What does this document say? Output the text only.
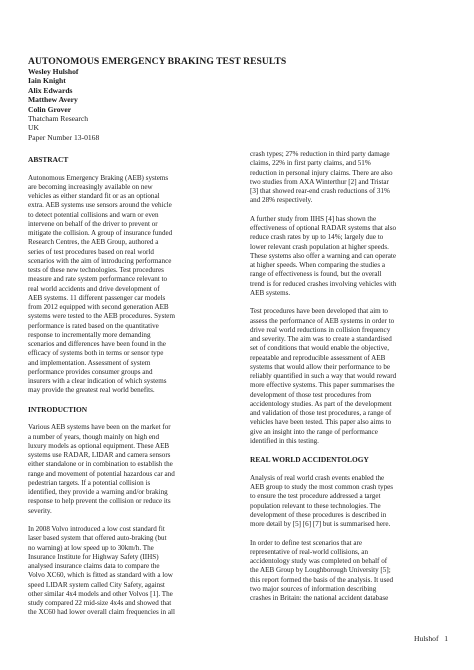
AUTONOMOUS EMERGENCY BRAKING TEST RESULTS
Wesley Hulshof
Iain Knight
Alix Edwards
Matthew Avery
Colin Grover
Thatcham Research
UK
Paper Number 13-0168
ABSTRACT

Autonomous Emergency Braking (AEB) systems
are becoming increasingly available on new
vehicles as either standard fit or as an optional
extra. AEB systems use sensors around the vehicle
to detect potential collisions and warn or even
intervene on behalf of the driver to prevent or
mitigate the collision. A group of insurance funded
Research Centres, the AEB Group, authored a
series of test procedures based on real world
scenarios with the aim of introducing performance
tests of these new technologies. Test procedures
measure and rate system performance relevant to
real world accidents and drive development of
AEB systems. 11 different passenger car models
from 2012 equipped with second generation AEB
systems were tested to the AEB procedures. System
performance is rated based on the quantitative
response to incrementally more demanding
scenarios and differences have been found in the
efficacy of systems both in terms or sensor type
and implementation. Assessment of system
performance provides consumer groups and
insurers with a clear indication of which systems
may provide the greatest real world benefits.

INTRODUCTION

Various AEB systems have been on the market for
a number of years, though mainly on high end
luxury models as optional equipment. These AEB
systems use RADAR, LIDAR and camera sensors
either standalone or in combination to establish the
range and movement of potential hazardous car and
pedestrian targets. If a potential collision is
identified, they provide a warning and/or braking
response to help prevent the collision or reduce its
severity.

In 2008 Volvo introduced a low cost standard fit
laser based system that offered auto-braking (but
no warning) at low speed up to 30km/h. The
Insurance Institute for Highway Safety (IIHS)
analysed insurance claims data to compare the
Volvo XC60, which is fitted as standard with a low
speed LIDAR system called City Safety, against
other similar 4x4 models and other Volvos [1]. The
study compared 22 mid-size 4x4s and showed that
the XC60 had lower overall claim frequencies in all

crash types; 27% reduction in third party damage
claims, 22% in first party claims, and 51%
reduction in personal injury claims. There are also
two studies from AXA Winterthur [2] and Tristar
[3] that showed rear-end crash reductions of 31%
and 28% respectively.

A further study from IIHS [4] has shown the
effectiveness of optional RADAR systems that also
reduce crash rates by up to 14%; largely due to
lower relevant crash population at higher speeds.
These systems also offer a warning and can operate
at higher speeds. When comparing the studies a
range of effectiveness is found, but the overall
trend is for reduced crashes involving vehicles with
AEB systems.

Test procedures have been developed that aim to
assess the performance of AEB systems in order to
drive real world reductions in collision frequency
and severity. The aim was to create a standardised
set of conditions that would enable the objective,
repeatable and reproducible assessment of AEB
systems that would allow their performance to be
reliably quantified in such a way that would reward
more effective systems. This paper summarises the
development of those test procedures from
accidentology studies. As part of the development
and validation of those test procedures, a range of
vehicles have been tested. This paper also aims to
give an insight into the range of performance
identified in this testing.

REAL WORLD ACCIDENTOLOGY

Analysis of real world crash events enabled the
AEB group to study the most common crash types
to ensure the test procedure addressed a target
population relevant to these technologies. The
development of these procedures is described in
more detail by [5] [6] [7] but is summarised here.

In order to define test scenarios that are
representative of real-world collisions, an
accidentology study was completed on behalf of
the AEB Group by Loughborough University [5];
this report formed the basis of the analysis. It used
two major sources of information describing
crashes in Britain: the national accident database

Hulshof 1
